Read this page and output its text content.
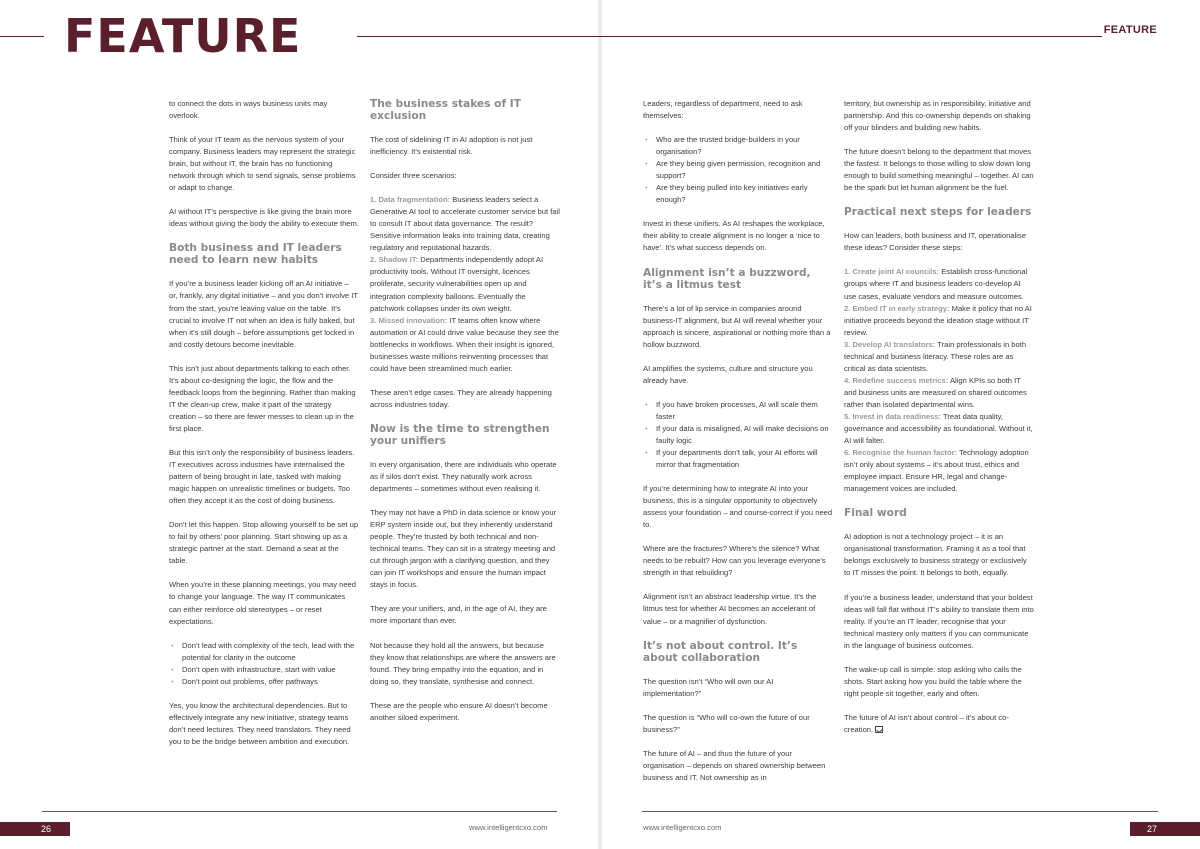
FEATURE	FEATURE

to connect the dots in ways business units may overlook.

Think of your IT team as the nervous system of your company. Business leaders may represent the strategic brain, but without IT, the brain has no functioning network through which to send signals, sense problems or adapt to change.

AI without IT’s perspective is like giving the brain more ideas without giving the body the ability to execute them.

Both business and IT leaders need to learn new habits

If you’re a business leader kicking off an AI initiative – or, frankly, any digital initiative – and you don’t involve IT from the start, you’re leaving value on the table. It’s crucial to involve IT not when an idea is fully baked, but when it’s still dough – before assumptions get locked in and costly detours become inevitable.

This isn’t just about departments talking to each other. It’s about co-designing the logic, the flow and the feedback loops from the beginning. Rather than making IT the clean-up crew, make it part of the strategy creation – so there are fewer messes to clean up in the first place.

But this isn’t only the responsibility of business leaders. IT executives across industries have internalised the pattern of being brought in late, tasked with making magic happen on unrealistic timelines or budgets. Too often they accept it as the cost of doing business.

Don’t let this happen. Stop allowing yourself to be set up to fail by others’ poor planning. Start showing up as a strategic partner at the start. Demand a seat at the table.

When you’re in these planning meetings, you may need to change your language. The way IT communicates can either reinforce old stereotypes – or reset expectations.

• Don’t lead with complexity of the tech, lead with the potential for clarity in the outcome
• Don’t open with infrastructure, start with value
• Don’t point out problems, offer pathways

Yes, you know the architectural dependencies. But to effectively integrate any new initiative, strategy teams don’t need lectures. They need translators. They need you to be the bridge between ambition and execution.

The business stakes of IT exclusion

The cost of sidelining IT in AI adoption is not just inefficiency. It’s existential risk.

Consider three scenarios:

1. Data fragmentation: Business leaders select a Generative AI tool to accelerate customer service but fail to consult IT about data governance. The result? Sensitive information leaks into training data, creating regulatory and reputational hazards.
2. Shadow IT: Departments independently adopt AI productivity tools. Without IT oversight, licences proliferate, security vulnerabilities open up and integration complexity balloons. Eventually the patchwork collapses under its own weight.
3. Missed innovation: IT teams often know where automation or AI could drive value because they see the bottlenecks in workflows. When their insight is ignored, businesses waste millions reinventing processes that could have been streamlined much earlier.

These aren’t edge cases. They are already happening across industries today.

Now is the time to strengthen your unifiers

In every organisation, there are individuals who operate as if silos don’t exist. They naturally work across departments – sometimes without even realising it.

They may not have a PhD in data science or know your ERP system inside out, but they inherently understand people. They’re trusted by both technical and non-technical teams. They can sit in a strategy meeting and cut through jargon with a clarifying question, and they can join IT workshops and ensure the human impact stays in focus.

They are your unifiers, and, in the age of AI, they are more important than ever.

Not because they hold all the answers, but because they know that relationships are where the answers are found. They bring empathy into the equation, and in doing so, they translate, synthesise and connect.

These are the people who ensure AI doesn’t become another siloed experiment.

Leaders, regardless of department, need to ask themselves:

• Who are the trusted bridge-builders in your organisation?
• Are they being given permission, recognition and support?
• Are they being pulled into key initiatives early enough?

Invest in these unifiers. As AI reshapes the workplace, their ability to create alignment is no longer a ‘nice to have’. It’s what success depends on.

Alignment isn’t a buzzword, it’s a litmus test

There’s a lot of lip service in companies around business-IT alignment, but AI will reveal whether your approach is sincere, aspirational or nothing more than a hollow buzzword.

AI amplifies the systems, culture and structure you already have.

• If you have broken processes, AI will scale them faster
• If your data is misaligned, AI will make decisions on faulty logic
• If your departments don’t talk, your AI efforts will mirror that fragmentation

If you’re determining how to integrate AI into your business, this is a singular opportunity to objectively assess your foundation – and course-correct if you need to.

Where are the fractures? Where’s the silence? What needs to be rebuilt? How can you leverage everyone’s strength in that rebuilding?

Alignment isn’t an abstract leadership virtue. It’s the litmus test for whether AI becomes an accelerant of value – or a magnifier of dysfunction.

It’s not about control. It’s about collaboration

The question isn’t “Who will own our AI implementation?”

The question is “Who will co-own the future of our business?”

The future of AI – and thus the future of your organisation – depends on shared ownership between business and IT. Not ownership as in

territory, but ownership as in responsibility, initiative and partnership. And this co-ownership depends on shaking off your blinders and building new habits.

The future doesn’t belong to the department that moves the fastest. It belongs to those willing to slow down long enough to build something meaningful – together. AI can be the spark but let human alignment be the fuel.

Practical next steps for leaders

How can leaders, both business and IT, operationalise these ideas? Consider these steps:

1. Create joint AI councils: Establish cross-functional groups where IT and business leaders co-develop AI use cases, evaluate vendors and measure outcomes.
2. Embed IT in early strategy: Make it policy that no AI initiative proceeds beyond the ideation stage without IT review.
3. Develop AI translators: Train professionals in both technical and business literacy. These roles are as critical as data scientists.
4. Redefine success metrics: Align KPIs so both IT and business units are measured on shared outcomes rather than isolated departmental wins.
5. Invest in data readiness: Treat data quality, governance and accessibility as foundational. Without it, AI will falter.
6. Recognise the human factor: Technology adoption isn’t only about systems – it’s about trust, ethics and employee impact. Ensure HR, legal and change-management voices are included.
Final word

AI adoption is not a technology project – it is an organisational transformation. Framing it as a tool that belongs exclusively to business strategy or exclusively to IT misses the point. It belongs to both, equally.

If you’re a business leader, understand that your boldest ideas will fall flat without IT’s ability to translate them into reality. If you’re an IT leader, recognise that your technical mastery only matters if you can communicate in the language of business outcomes.

The wake-up call is simple: stop asking who calls the shots. Start asking how you build the table where the right people sit together, early and often.

The future of AI isn’t about control – it’s about co-creation.

26	27
www.intelligentcxo.com	www.intelligentcxo.com
